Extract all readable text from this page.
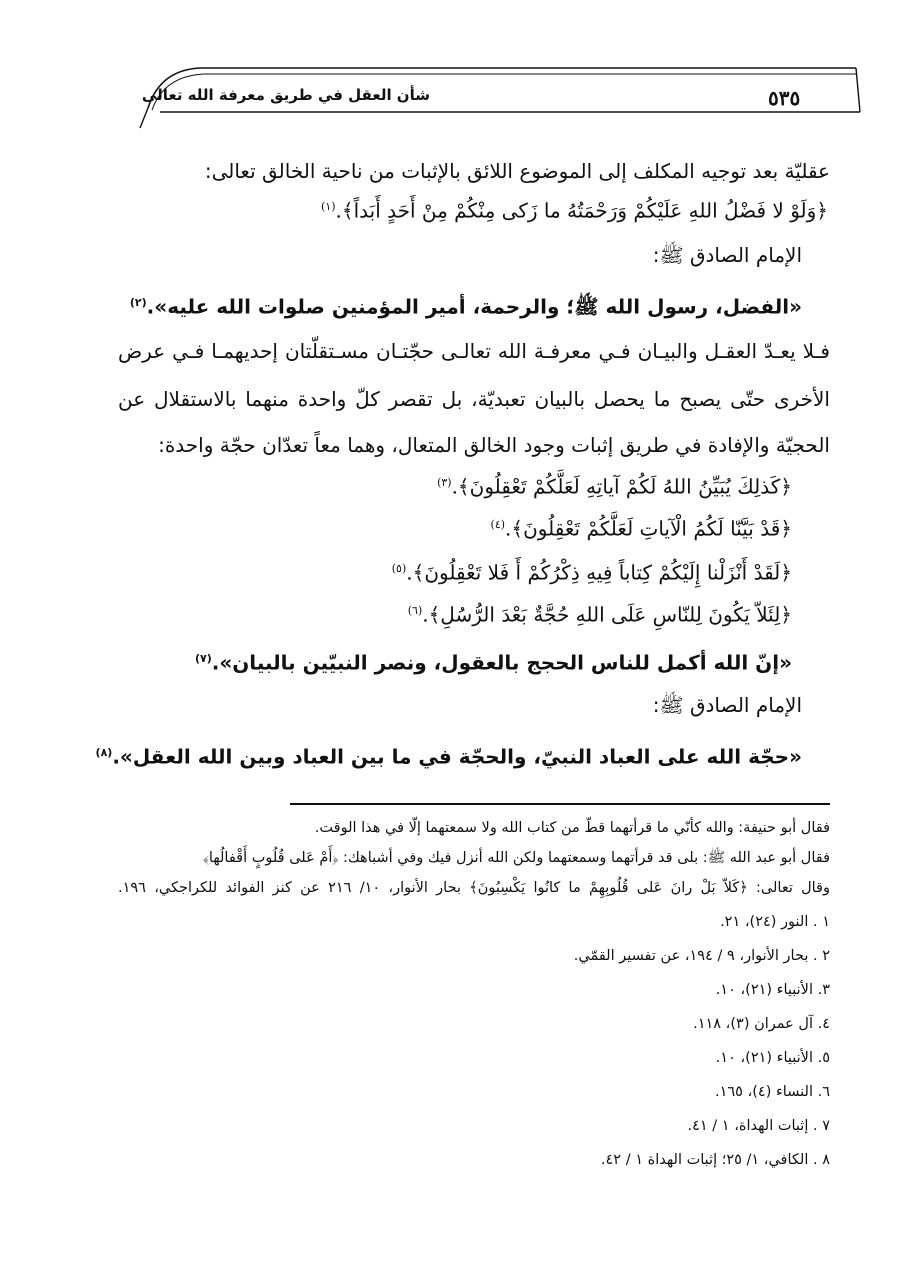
٥٣٥
شأن العقل في طريق معرفة الله تعالى
عقليّة بعد توجيه المكلف إلى الموضوع اللائق بالإثبات من ناحية الخالق تعالى:
﴿وَلَوْ لا فَضْلُ اللهِ عَلَيْكُمْ وَرَحْمَتُهُ ما زَكى مِنْكُمْ مِنْ أَحَدٍ أَبَداً﴾.$^{(١)}$
الإمام الصادق ﷺ:
«الفضل، رسول الله ﷺ؛ والرحمة، أمير المؤمنين صلوات الله عليه».$^{(٢)}$
فـلا يعـدّ العقـل والبيـان فـي معرفـة الله تعالـى حجّتـان مسـتقلّتان إحديهمـا فـي عرض
الأخرى حتّى يصبح ما يحصل بالبيان تعبديّة، بل تقصر كلّ واحدة منهما بالاستقلال عن
الحجيّة والإفادة في طريق إثبات وجود الخالق المتعال، وهما معاً تعدّان حجّة واحدة:
﴿كَذلِكَ يُبَيِّنُ اللهُ لَكُمْ آياتِهِ لَعَلَّكُمْ تَعْقِلُونَ﴾.$^{(٣)}$
﴿قَدْ بَيَّنّا لَكُمُ الْآياتِ لَعَلَّكُمْ تَعْقِلُونَ﴾.$^{(٤)}$
﴿لَقَدْ أَنْزَلْنا إِلَيْكُمْ كِتاباً فِيهِ ذِكْرُكُمْ أَ فَلا تَعْقِلُونَ﴾.$^{(٥)}$
﴿لِئَلاّ يَكُونَ لِلنّاسِ عَلَى اللهِ حُجَّةٌ بَعْدَ الرُّسُلِ﴾.$^{(٦)}$
«إنّ الله أكمل للناس الحجج بالعقول، ونصر النبيّين بالبيان».$^{(٧)}$
الإمام الصادق ﷺ:
«حجّة الله على العباد النبيّ، والحجّة في ما بين العباد وبين الله العقل».$^{(٨)}$
فقال أبو حنيفة: والله كأنّي ما قرأتهما قطّ من كتاب الله ولا سمعتهما إلّا في هذا الوقت.
فقال أبو عبد الله ﷺ: بلى قد قرأتهما وسمعتهما ولكن الله أنزل فيك وفي أشباهك: ﴿أَمْ عَلى قُلُوبٍ أَقْفالُها﴾
وقال تعالى: ﴿كَلاّ بَلْ رانَ عَلى قُلُوبِهِمْ ما كانُوا يَكْسِبُونَ﴾ بحار الأنوار، ١٠/ ٢١٦ عن كنز الفوائد للكراجكي، ١٩٦.
١ . النور (٢٤)، ٢١.
٢ . بحار الأنوار، ٩ / ١٩٤، عن تفسير القمّي.
٣. الأنبياء (٢١)، ١٠.
٤. آل عمران (٣)، ١١٨.
٥. الأنبياء (٢١)، ١٠.
٦. النساء (٤)، ١٦٥.
٧ . إثبات الهداة، ١ / ٤١.
٨ . الكافي، ١/ ٢٥؛ إثبات الهداة ١ / ٤٢.
